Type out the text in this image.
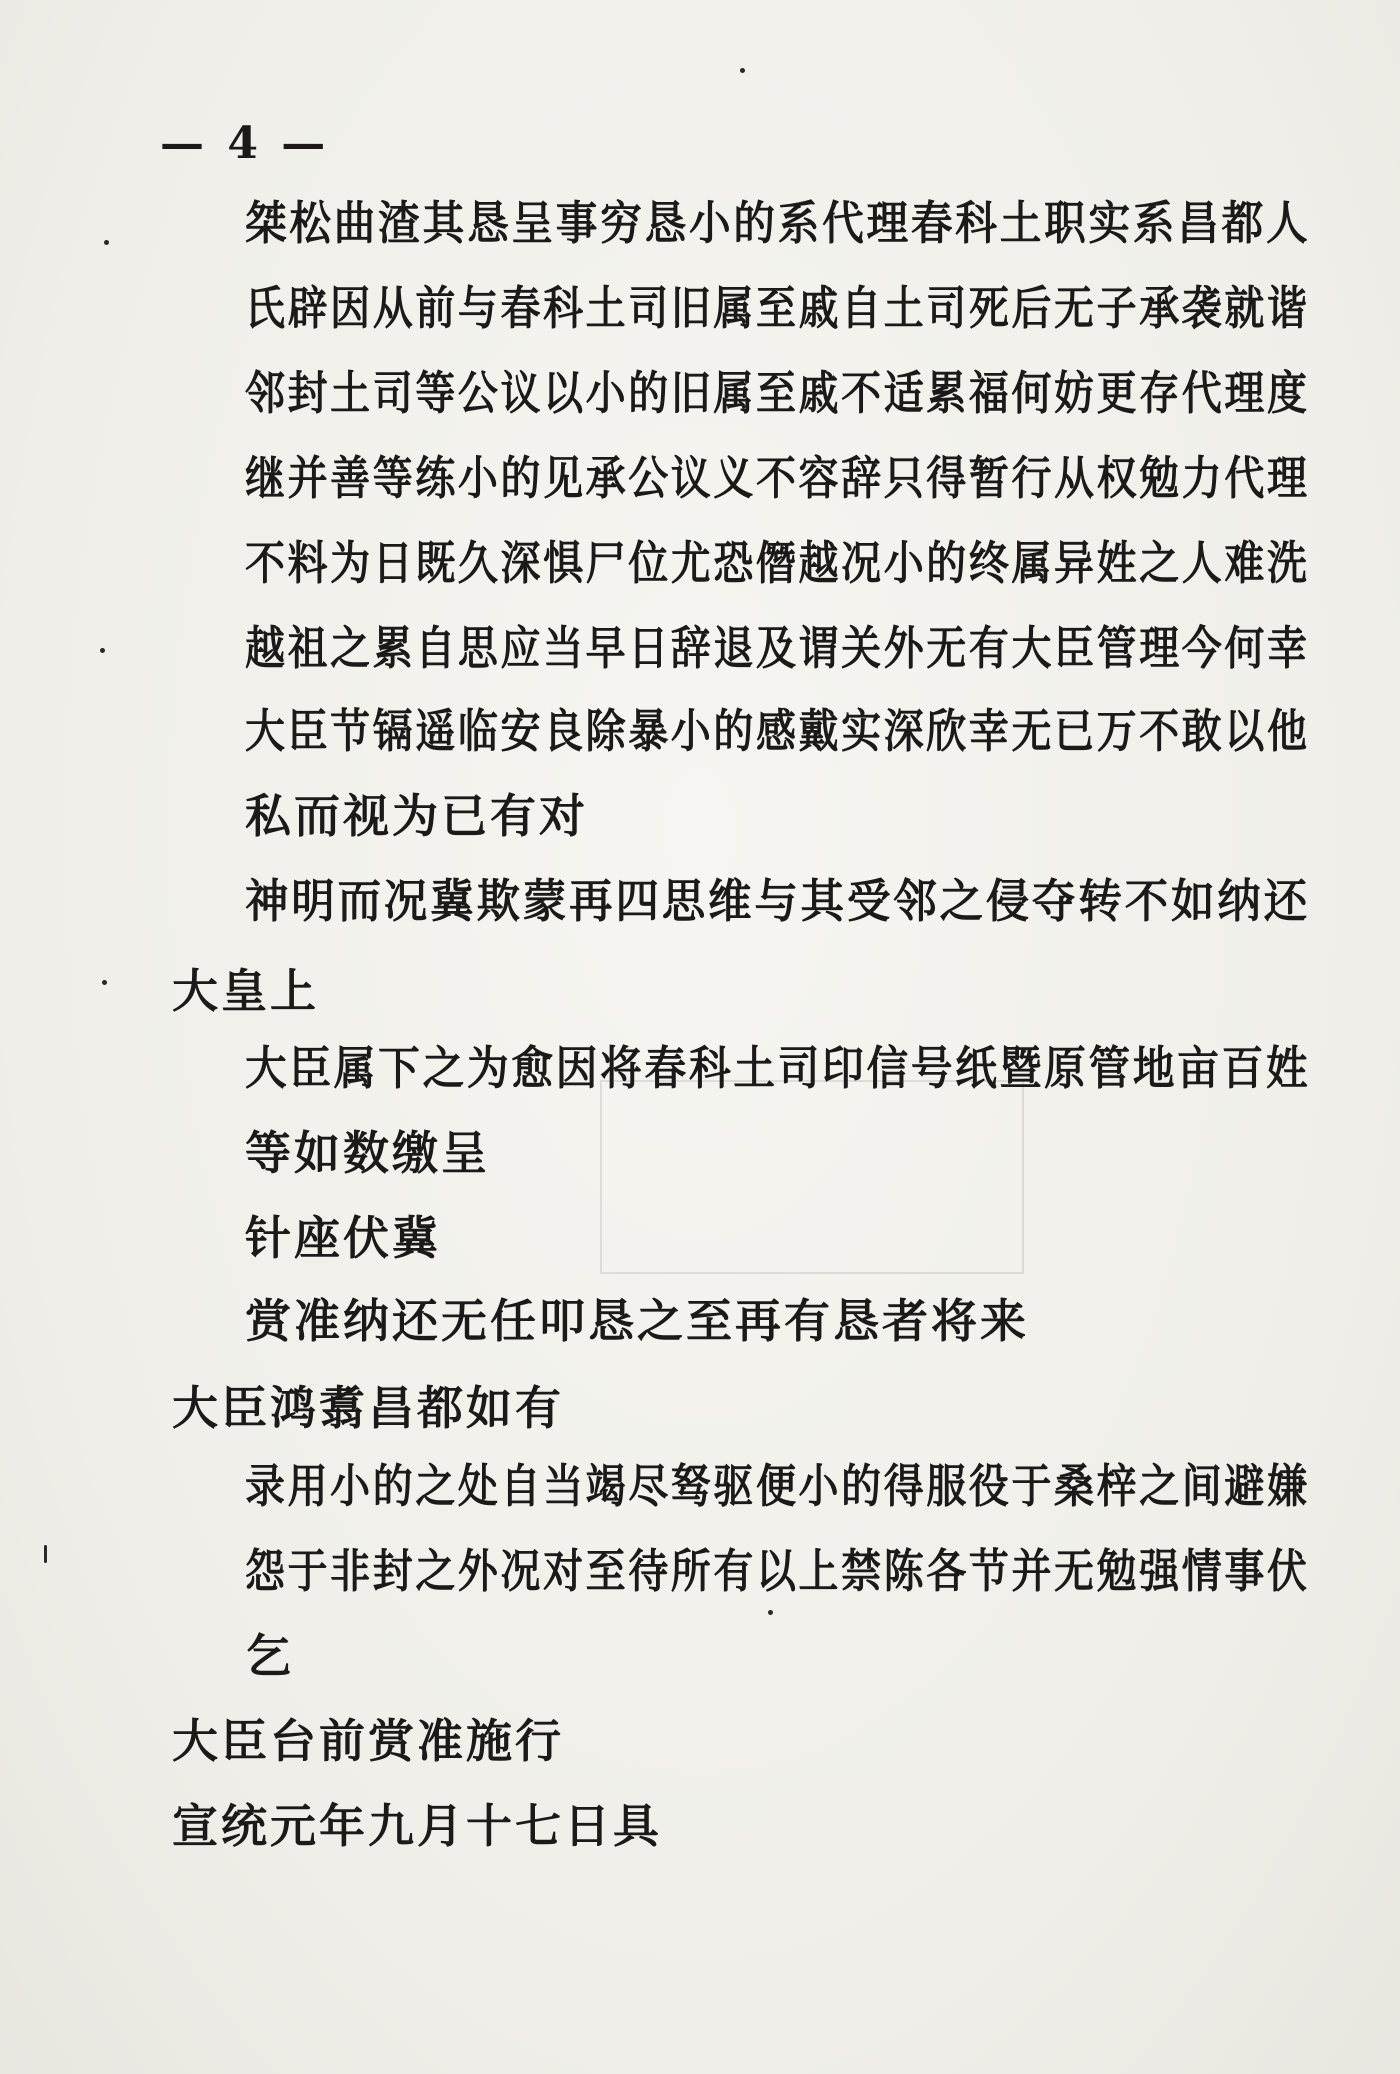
— 4 —
桀松曲渣其恳呈事穷恳小的系代理春科土职实系昌都人
氏辟因从前与春科土司旧属至戚自土司死后无子承袭就谐
邻封土司等公议以小的旧属至戚不适累福何妨更存代理度
继并善等练小的见承公议义不容辞只得暂行从权勉力代理
不料为日既久深惧尸位尤恐僭越况小的终属异姓之人难洗
越祖之累自思应当早日辞退及谓关外无有大臣管理今何幸
大臣节镉遥临安良除暴小的感戴实深欣幸无已万不敢以他
私而视为已有对
神明而况冀欺蒙再四思维与其受邻之侵夺转不如纳还
大皇上
大臣属下之为愈因将春科土司印信号纸暨原管地亩百姓
等如数缴呈
针座伏冀
赏准纳还无任叩恳之至再有恳者将来
大臣鸿翥昌都如有
录用小的之处自当竭尽驽驱便小的得服役于桑梓之间避嫌
怨于非封之外况对至待所有以上禁陈各节并无勉强情事伏
乞
大臣台前赏准施行
宣统元年九月十七日具
